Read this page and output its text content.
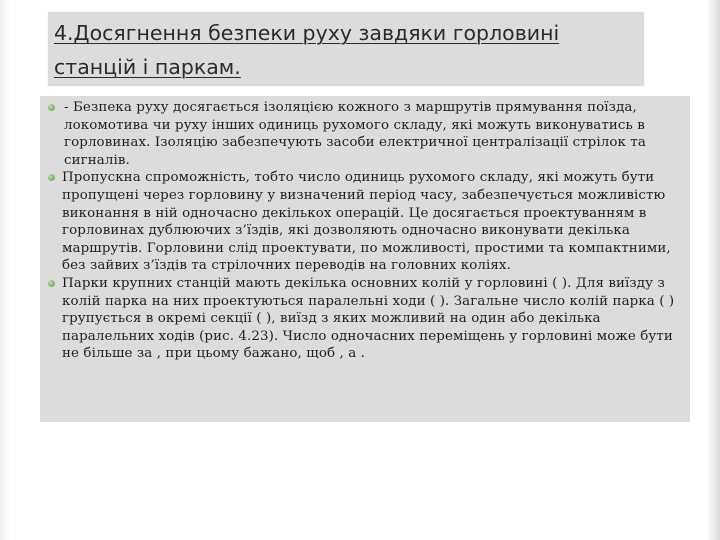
4.Досягнення безпеки руху завдяки горловині станцій і паркам.
- Безпека руху досягається ізоляцією кожного з маршрутів прямування поїзда, локомотива чи руху інших одиниць рухомого складу, які можуть виконуватись в горловинах. Ізоляцію забезпечують засоби електричної централізації стрілок та сигналів.
Пропускна спроможність, тобто число одиниць рухомого складу, які можуть бути пропущені через горловину у визначений період часу, забезпечується можливістю виконання в ній одночасно декількох операцій. Це досягається проектуванням в горловинах дублюючих з’їздів, які дозволяють одночасно виконувати декілька маршрутів. Горловини слід проектувати, по можливості, простими та компактними, без зайвих з’їздів та стрілочних переводів на головних коліях.
Парки крупних станцій мають декілька основних колій у горловині ( ). Для виїзду з колій парка на них проектуються паралельні ходи ( ). Загальне число колій парка ( ) групується в окремі секції ( ), виїзд з яких можливий на один або декілька паралельних ходів (рис. 4.23). Число одночасних переміщень у горловині може бути не більше за , при цьому бажано, щоб , а .
